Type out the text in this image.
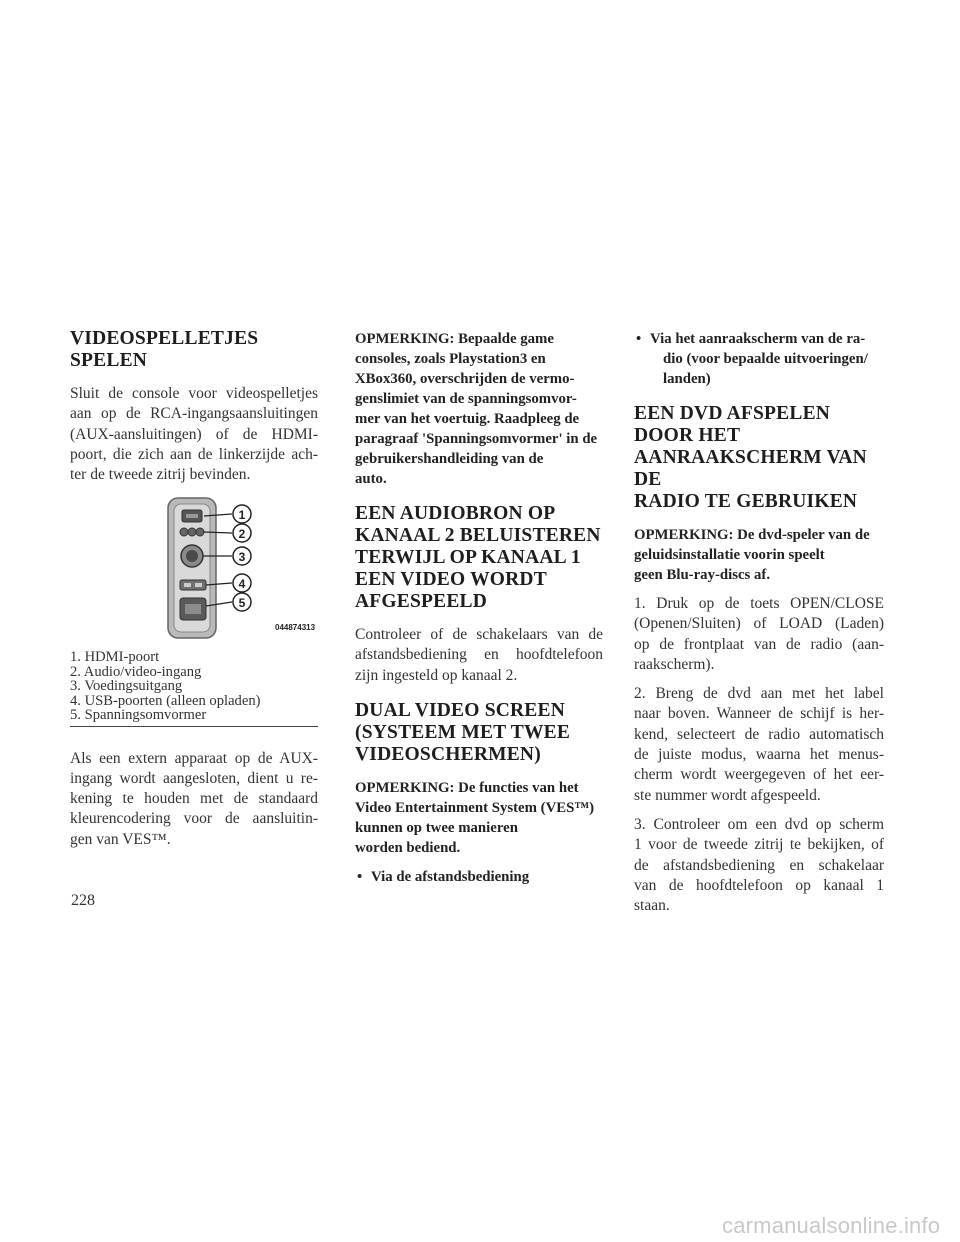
VIDEOSPELLETJES
SPELEN

Sluit de console voor videospelletjes
aan op de RCA-ingangsaansluitingen
(AUX-aansluitingen) of de HDMI-
poort, die zich aan de linkerzijde ach-
ter de tweede zitrij bevinden.

1
2
3
4
5
044874313
1. HDMI-poort
2. Audio/video-ingang
3. Voedingsuitgang
4. USB-poorten (alleen opladen)
5. Spanningsomvormer

Als een extern apparaat op de AUX-
ingang wordt aangesloten, dient u re-
kening te houden met de standaard
kleurencodering voor de aansluitin-
gen van VES™.

OPMERKING: Bepaalde game consoles, zoals Playstation3 en XBox360, overschrijden de vermo- genslimiet van de spanningsomvor- mer van het voertuig. Raadpleeg de paragraaf 'Spanningsomvormer' in de gebruikershandleiding van de
auto.
EEN AUDIOBRON OP
KANAAL 2 BELUISTEREN
TERWIJL OP KANAAL 1
EEN VIDEO WORDT
AFGESPEELD

Controleer of de schakelaars van de
afstandsbediening en hoofdtelefoon
zijn ingesteld op kanaal 2.

DUAL VIDEO SCREEN
(SYSTEEM MET TWEE
VIDEOSCHERMEN)
OPMERKING: De functies van het Video Entertainment System (VES™) kunnen op twee manieren
worden bediend.
• Via de afstandsbediening
• Via het aanraakscherm van de ra-
dio (voor bepaalde uitvoeringen/
landen)
EEN DVD AFSPELEN
DOOR HET
AANRAAKSCHERM VAN DE
RADIO TE GEBRUIKEN
OPMERKING: De dvd-speler van de geluidsinstallatie voorin speelt
geen Blu-ray-discs af.

1. Druk op de toets OPEN/CLOSE
(Openen/Sluiten) of LOAD (Laden)
op de frontplaat van de radio (aan-
raakscherm).

2. Breng de dvd aan met het label
naar boven. Wanneer de schijf is her-
kend, selecteert de radio automatisch
de juiste modus, waarna het menus-
cherm wordt weergegeven of het eer-
ste nummer wordt afgespeeld.

3. Controleer om een dvd op scherm
1 voor de tweede zitrij te bekijken, of
de afstandsbediening en schakelaar
van de hoofdtelefoon op kanaal 1
staan.

228
carmanualsonline.info
